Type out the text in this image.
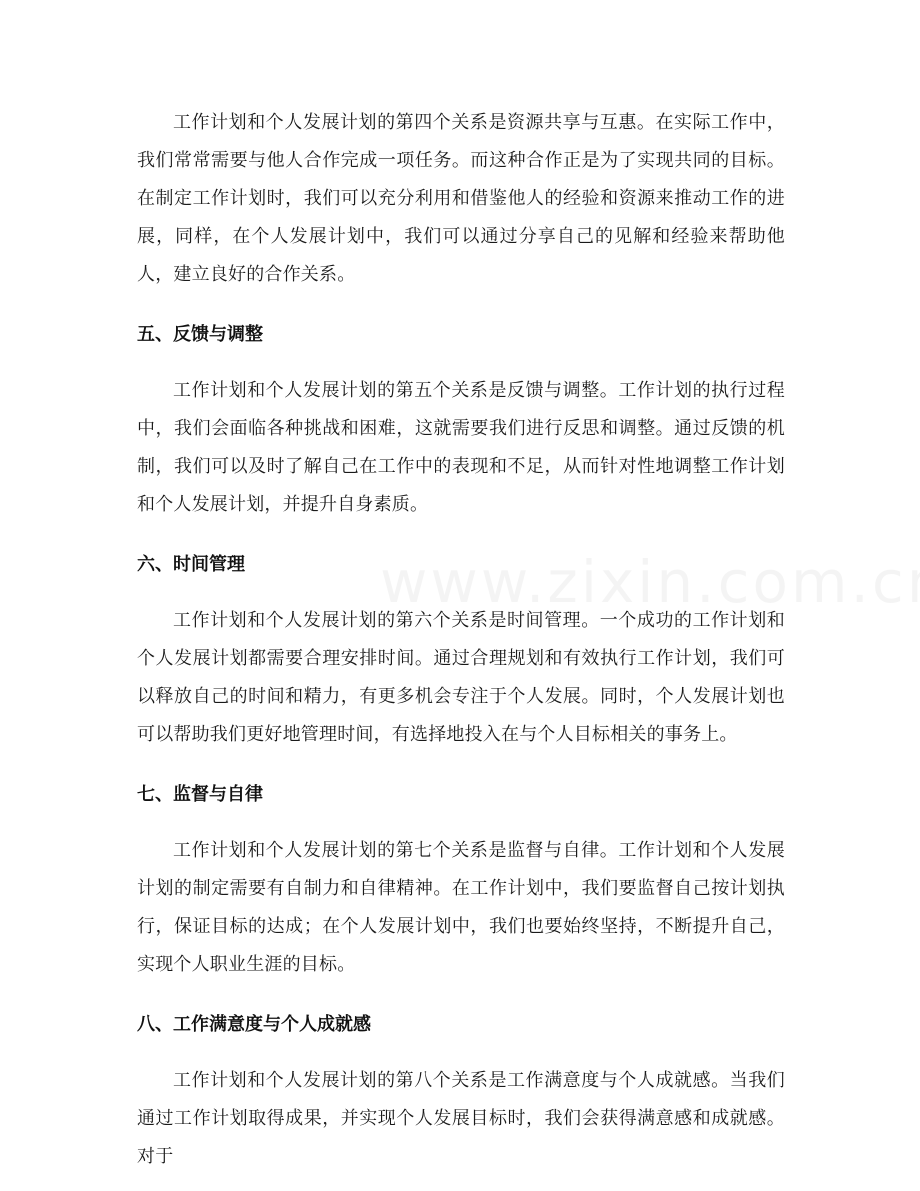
工作计划和个人发展计划的第四个关系是资源共享与互惠。在实际工作中，我们常常需要与他人合作完成一项任务。而这种合作正是为了实现共同的目标。在制定工作计划时，我们可以充分利用和借鉴他人的经验和资源来推动工作的进展，同样，在个人发展计划中，我们可以通过分享自己的见解和经验来帮助他人，建立良好的合作关系。

五、反馈与调整

工作计划和个人发展计划的第五个关系是反馈与调整。工作计划的执行过程中，我们会面临各种挑战和困难，这就需要我们进行反思和调整。通过反馈的机制，我们可以及时了解自己在工作中的表现和不足，从而针对性地调整工作计划和个人发展计划，并提升自身素质。

六、时间管理

工作计划和个人发展计划的第六个关系是时间管理。一个成功的工作计划和个人发展计划都需要合理安排时间。通过合理规划和有效执行工作计划，我们可以释放自己的时间和精力，有更多机会专注于个人发展。同时，个人发展计划也可以帮助我们更好地管理时间，有选择地投入在与个人目标相关的事务上。

七、监督与自律

工作计划和个人发展计划的第七个关系是监督与自律。工作计划和个人发展计划的制定需要有自制力和自律精神。在工作计划中，我们要监督自己按计划执行，保证目标的达成；在个人发展计划中，我们也要始终坚持，不断提升自己，实现个人职业生涯的目标。

八、工作满意度与个人成就感

工作计划和个人发展计划的第八个关系是工作满意度与个人成就感。当我们通过工作计划取得成果，并实现个人发展目标时，我们会获得满意感和成就感。对于
